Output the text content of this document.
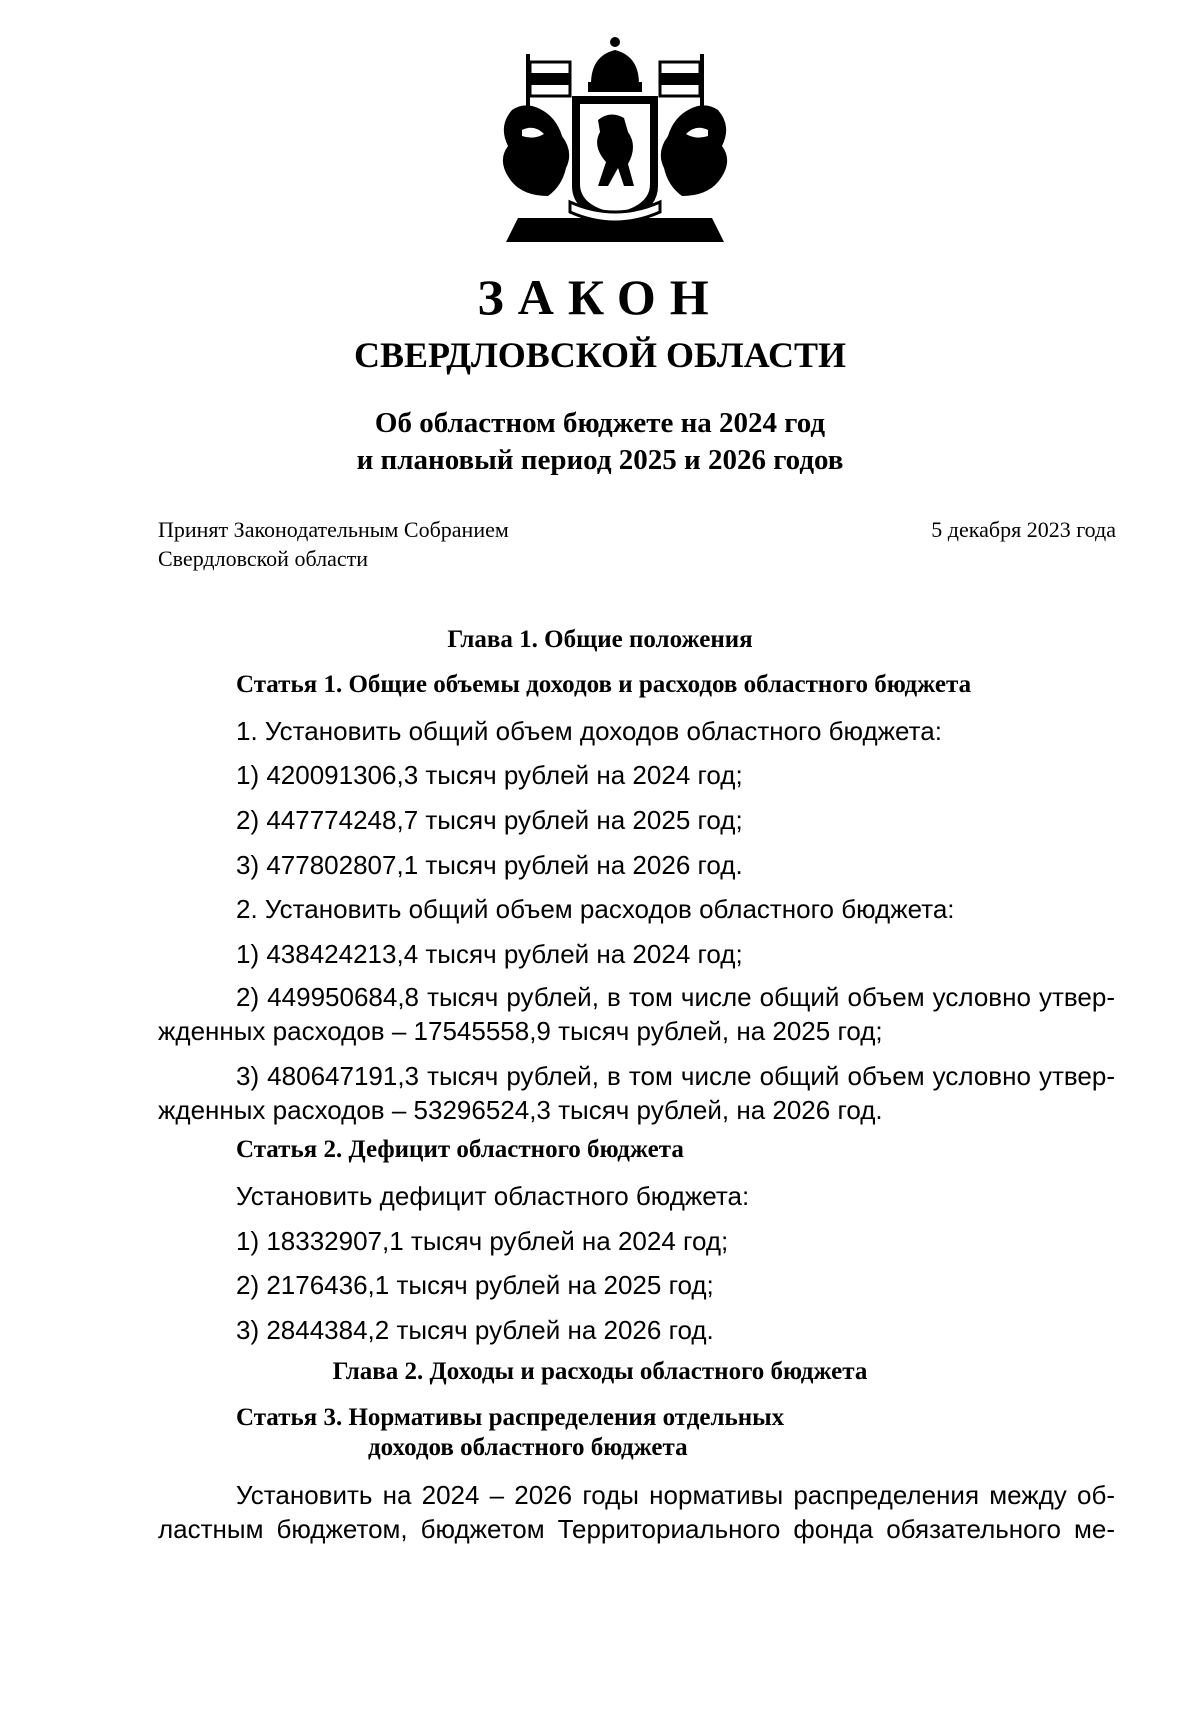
ЗАКОН
СВЕРДЛОВСКОЙ ОБЛАСТИ
Об областном бюджете на 2024 год
и плановый период 2025 и 2026 годов
Принят Законодательным Собранием
Свердловской области
5 декабря 2023 года
Глава 1. Общие положения
Статья 1. Общие объемы доходов и расходов областного бюджета
1. Установить общий объем доходов областного бюджета:
1) 420091306,3 тысяч рублей на 2024 год;
2) 447774248,7 тысяч рублей на 2025 год;
3) 477802807,1 тысяч рублей на 2026 год.
2. Установить общий объем расходов областного бюджета:
1) 438424213,4 тысяч рублей на 2024 год;
2) 449950684,8 тысяч рублей, в том числе общий объем условно утвер-
жденных расходов – 17545558,9 тысяч рублей, на 2025 год;
3) 480647191,3 тысяч рублей, в том числе общий объем условно утвер-
жденных расходов – 53296524,3 тысяч рублей, на 2026 год.
Статья 2. Дефицит областного бюджета
Установить дефицит областного бюджета:
1) 18332907,1 тысяч рублей на 2024 год;
2) 2176436,1 тысяч рублей на 2025 год;
3) 2844384,2 тысяч рублей на 2026 год.
Глава 2. Доходы и расходы областного бюджета
Статья 3. Нормативы распределения отдельных
доходов областного бюджета
Установить на 2024 – 2026 годы нормативы распределения между об-
ластным бюджетом, бюджетом Территориального фонда обязательного ме-
